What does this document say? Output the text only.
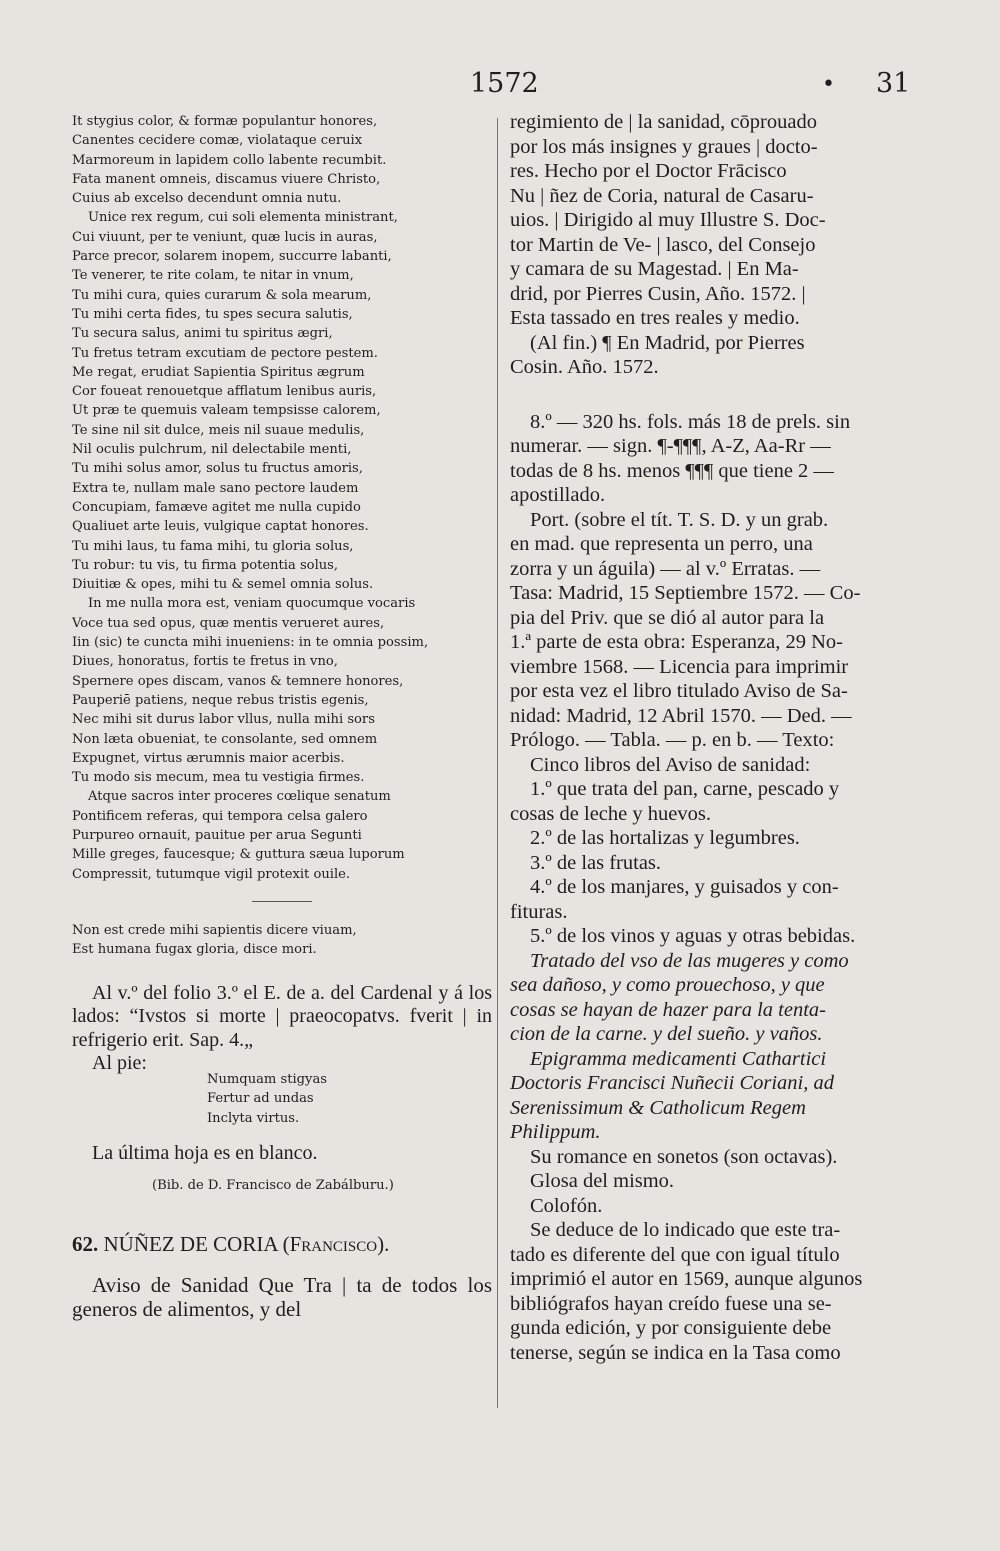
1572	• 31
It stygius color, & formæ populantur honores,
Canentes cecidere comæ, violataque ceruix
Marmoreum in lapidem collo labente recumbit.
Fata manent omneis, discamus viuere Christo,
Cuius ab excelso decendunt omnia nutu.
Unice rex regum, cui soli elementa ministrant,
Cui viuunt, per te veniunt, quæ lucis in auras,
Parce precor, solarem inopem, succurre labanti,
Te venerer, te rite colam, te nitar in vnum,
Tu mihi cura, quies curarum & sola mearum,
Tu mihi certa fides, tu spes secura salutis,
Tu secura salus, animi tu spiritus ægri,
Tu fretus tetram excutiam de pectore pestem.
Me regat, erudiat Sapientia Spiritus ægrum
Cor foueat renouetque afflatum lenibus auris,
Ut præ te quemuis valeam tempsisse calorem,
Te sine nil sit dulce, meis nil suaue medulis,
Nil oculis pulchrum, nil delectabile menti,
Tu mihi solus amor, solus tu fructus amoris,
Extra te, nullam male sano pectore laudem
Concupiam, famæve agitet me nulla cupido
Qualiuet arte leuis, vulgique captat honores.
Tu mihi laus, tu fama mihi, tu gloria solus,
Tu robur: tu vis, tu firma potentia solus,
Diuitiæ & opes, mihi tu & semel omnia solus.
In me nulla mora est, veniam quocumque vocaris
Voce tua sed opus, quæ mentis verueret aures,
Iin (sic) te cuncta mihi inueniens: in te omnia possim,
Diues, honoratus, fortis te fretus in vno,
Spernere opes discam, vanos & temnere honores,
Pauperiē patiens, neque rebus tristis egenis,
Nec mihi sit durus labor vllus, nulla mihi sors
Non læta obueniat, te consolante, sed omnem
Expugnet, virtus ærumnis maior acerbis.
Tu modo sis mecum, mea tu vestigia firmes.
Atque sacros inter proceres cœlique senatum
Pontificem referas, qui tempora celsa galero
Purpureo ornauit, pauitue per arua Segunti
Mille greges, faucesque; & guttura sæua luporum
Compressit, tutumque vigil protexit ouile.
Non est crede mihi sapientis dicere viuam,
Est humana fugax gloria, disce mori.
Al v.º del folio 3.º el E. de a. del Cardenal y á los lados: “Ivstos si morte | praeocopatvs. fverit | in refrigerio erit. Sap. 4.„
Al pie:
Numquam stigyas
Fertur ad undas
Inclyta virtus.
La última hoja es en blanco.
(Bib. de D. Francisco de Zabálburu.)
62. NÚÑEZ DE CORIA (Francisco).
Aviso de Sanidad Que Tra | ta de todos los generos de alimentos, y del
regimiento de | la sanidad, cōprouado
por los más insignes y graues | docto-
res. Hecho por el Doctor Frācisco
Nu | ñez de Coria, natural de Casaru-
uios. | Dirigido al muy Illustre S. Doc-
tor Martin de Ve- | lasco, del Consejo
y camara de su Magestad. | En Ma-
drid, por Pierres Cusin, Año. 1572. |
Esta tassado en tres reales y medio.
(Al fin.) ¶ En Madrid, por Pierres
Cosin. Año. 1572.
8.º — 320 hs. fols. más 18 de prels. sin
numerar. — sign. ¶-¶¶¶, A-Z, Aa-Rr —
todas de 8 hs. menos ¶¶¶ que tiene 2 —
apostillado.
Port. (sobre el tít. T. S. D. y un grab.
en mad. que representa un perro, una
zorra y un águila) — al v.º Erratas. —
Tasa: Madrid, 15 Septiembre 1572. — Co-
pia del Priv. que se dió al autor para la
1.ª parte de esta obra: Esperanza, 29 No-
viembre 1568. — Licencia para imprimir
por esta vez el libro titulado Aviso de Sa-
nidad: Madrid, 12 Abril 1570. — Ded. —
Prólogo. — Tabla. — p. en b. — Texto:
Cinco libros del Aviso de sanidad:
1.º que trata del pan, carne, pescado y
cosas de leche y huevos.
2.º de las hortalizas y legumbres.
3.º de las frutas.
4.º de los manjares, y guisados y con-
fituras.
5.º de los vinos y aguas y otras bebidas.
Tratado del vso de las mugeres y como
sea dañoso, y como prouechoso, y que
cosas se hayan de hazer para la tenta-
cion de la carne. y del sueño. y vaños.
Epigramma medicamenti Cathartici
Doctoris Francisci Nuñecii Coriani, ad
Serenissimum & Catholicum Regem
Philippum.
Su romance en sonetos (son octavas).
Glosa del mismo.
Colofón.
Se deduce de lo indicado que este tra-
tado es diferente del que con igual título
imprimió el autor en 1569, aunque algunos
bibliógrafos hayan creído fuese una se-
gunda edición, y por consiguiente debe
tenerse, según se indica en la Tasa como
